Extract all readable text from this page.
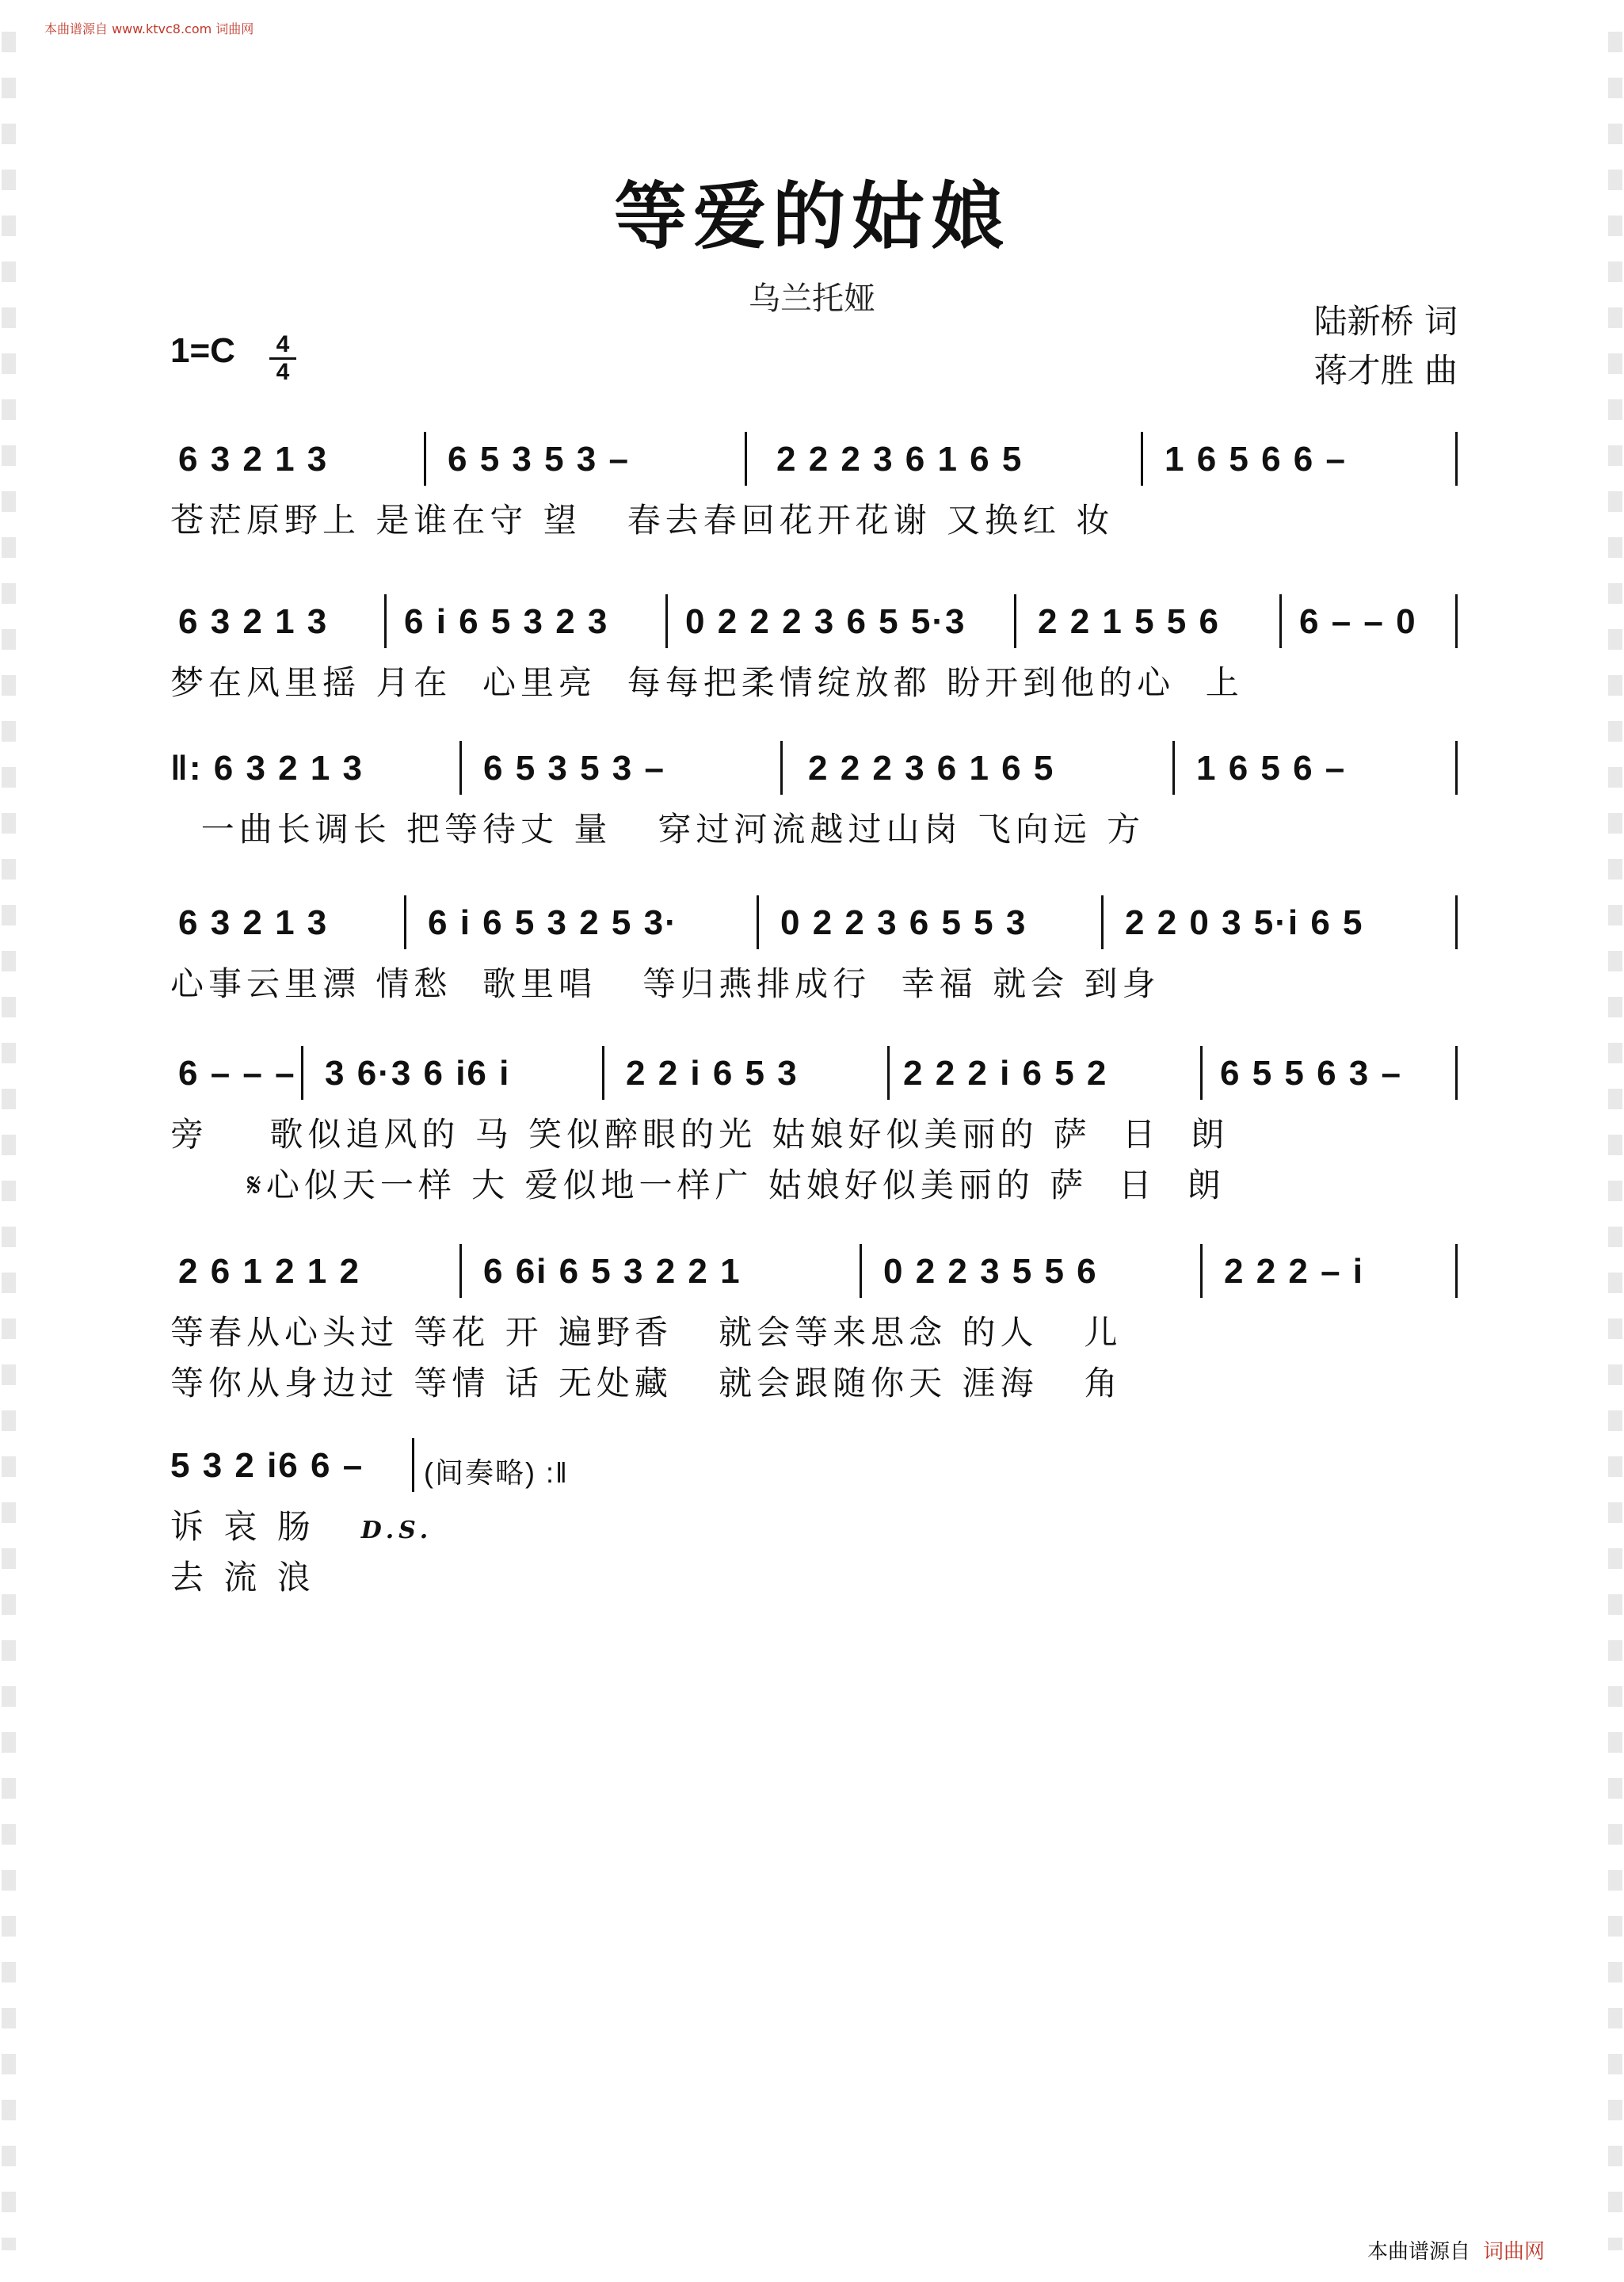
本曲谱源自 www.ktvc8.com 词曲网
等爱的姑娘
乌兰托娅
陆新桥 词
蒋才胜 曲
1=C 4
4

6 3 2 1 3

	6 5 3 5 3 –

	2 2 2 3 6 1 6 5

	1 6 5 6 6 –

苍茫原野上 是谁在守 望   春去春回花开花谢 又换红 妆

6 3 2 1 3

6 i 6 5 3 2 3

0 2 2 2 3 6 5 5·3

2 2 1 5 5 6

6 – – 0

梦在风里摇 月在  心里亮  每每把柔情绽放都 盼开到他的心  上

‖: 6 3 2 1 3

	6 5 3 5 3 –

	2 2 2 3 6 1 6 5

	1 6 5 6 –

一曲长调长 把等待丈 量   穿过河流越过山岗 飞向远 方

6 3 2 1 3

	6 i 6 5 3 2 5 3·

	0 2 2 3 6 5 5 3

	2 2 0 3 5·i 6 5

心事云里漂 情愁  歌里唱   等归燕排成行  幸福 就会 到身

6 – – –

3 6·3 6 i6 i

	2 2 i 6 5 3

	2 2 2 i 6 5 2

	6 5 5 6 3 –

旁    歌似追风的 马 笑似醉眼的光 姑娘好似美丽的 萨  日  朗
𝄋心似天一样 大 爱似地一样广 姑娘好似美丽的 萨  日  朗

2 6 1 2 1 2

	6 6i 6 5 3 2 2 1

	0 2 2 3 5 5 6

	2 2 2 – i

等春从心头过 等花 开 遍野香   就会等来思念 的人   儿
等你从身边过 等情 话 无处藏   就会跟随你天 涯海   角

5 3 2 i6 6 –

(间奏略) :‖

诉 哀 肠 D.S.
去 流 浪
本曲谱源自 词曲网
